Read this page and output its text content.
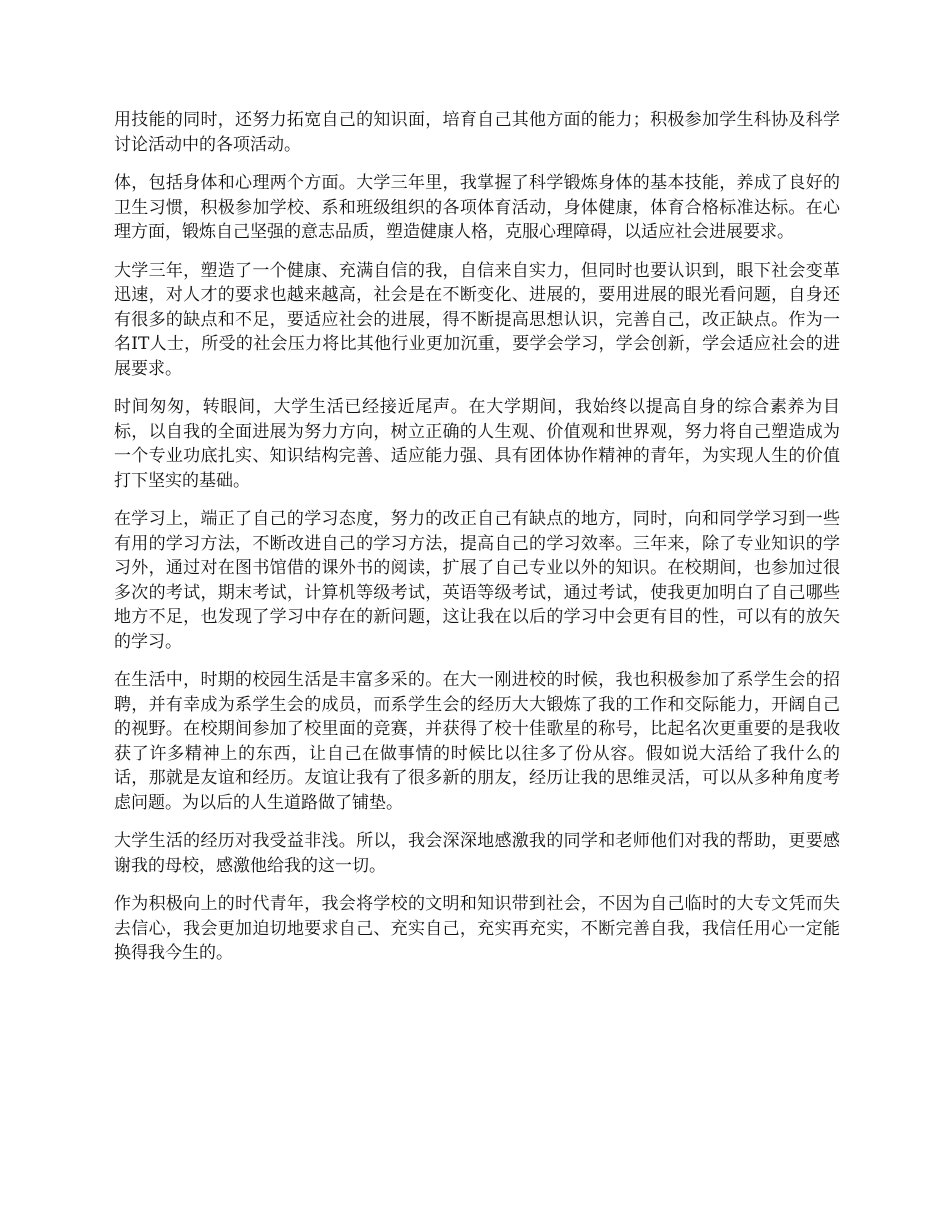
用技能的同时，还努力拓宽自己的知识面，培育自己其他方面的能力；积极参加学生科协及科学讨论活动中的各项活动。

体，包括身体和心理两个方面。大学三年里，我掌握了科学锻炼身体的基本技能，养成了良好的卫生习惯，积极参加学校、系和班级组织的各项体育活动，身体健康，体育合格标准达标。在心理方面，锻炼自己坚强的意志品质，塑造健康人格，克服心理障碍，以适应社会进展要求。

大学三年，塑造了一个健康、充满自信的我，自信来自实力，但同时也要认识到，眼下社会变革迅速，对人才的要求也越来越高，社会是在不断变化、进展的，要用进展的眼光看问题，自身还有很多的缺点和不足，要适应社会的进展，得不断提高思想认识，完善自己，改正缺点。作为一名IT人士，所受的社会压力将比其他行业更加沉重，要学会学习，学会创新，学会适应社会的进展要求。

时间匆匆，转眼间，大学生活已经接近尾声。在大学期间，我始终以提高自身的综合素养为目标，以自我的全面进展为努力方向，树立正确的人生观、价值观和世界观，努力将自己塑造成为一个专业功底扎实、知识结构完善、适应能力强、具有团体协作精神的青年，为实现人生的价值打下坚实的基础。

在学习上，端正了自己的学习态度，努力的改正自己有缺点的地方，同时，向和同学学习到一些有用的学习方法，不断改进自己的学习方法，提高自己的学习效率。三年来，除了专业知识的学习外，通过对在图书馆借的课外书的阅读，扩展了自己专业以外的知识。在校期间，也参加过很多次的考试，期末考试，计算机等级考试，英语等级考试，通过考试，使我更加明白了自己哪些地方不足，也发现了学习中存在的新问题，这让我在以后的学习中会更有目的性，可以有的放矢的学习。

在生活中，时期的校园生活是丰富多采的。在大一刚进校的时候，我也积极参加了系学生会的招聘，并有幸成为系学生会的成员，而系学生会的经历大大锻炼了我的工作和交际能力，开阔自己的视野。在校期间参加了校里面的竞赛，并获得了校十佳歌星的称号，比起名次更重要的是我收获了许多精神上的东西，让自己在做事情的时候比以往多了份从容。假如说大活给了我什么的话，那就是友谊和经历。友谊让我有了很多新的朋友，经历让我的思维灵活，可以从多种角度考虑问题。为以后的人生道路做了铺垫。

大学生活的经历对我受益非浅。所以，我会深深地感激我的同学和老师他们对我的帮助，更要感谢我的母校，感激他给我的这一切。

作为积极向上的时代青年，我会将学校的文明和知识带到社会，不因为自己临时的大专文凭而失去信心，我会更加迫切地要求自己、充实自己，充实再充实，不断完善自我，我信任用心一定能换得我今生的。
